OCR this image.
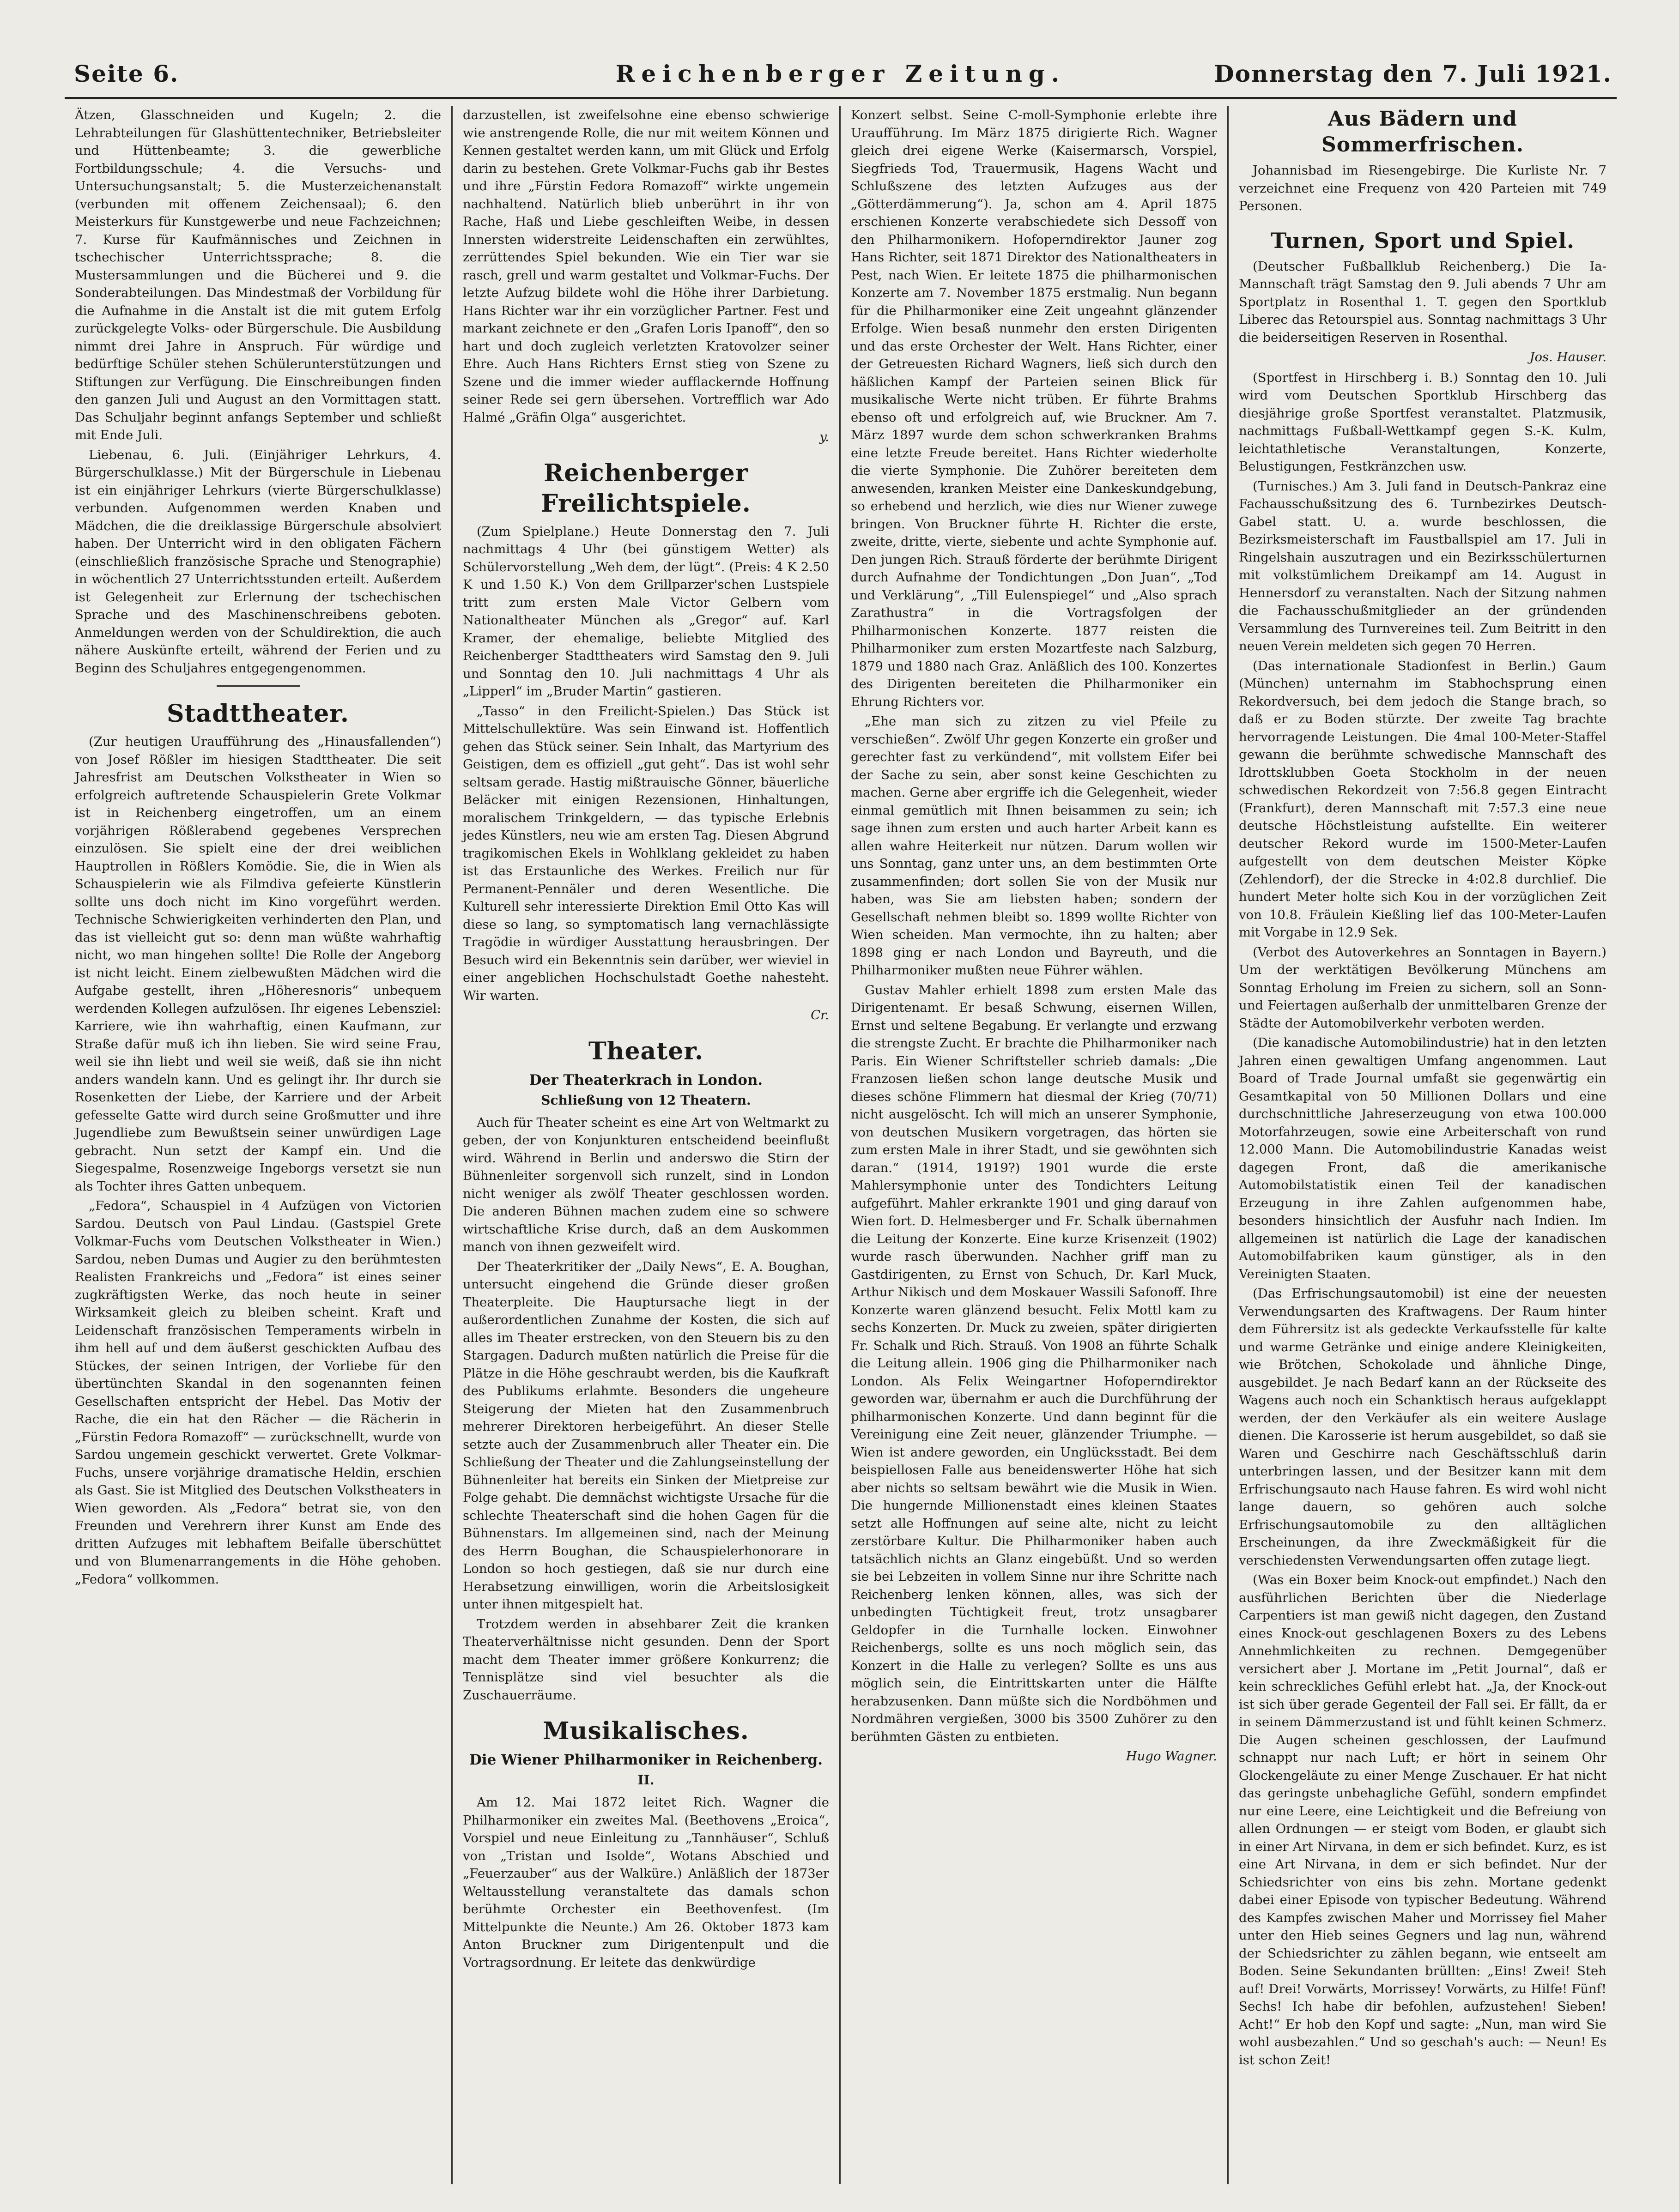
Seite 6.	Reichenberger Zeitung.	Donnerstag den 7. Juli 1921.

Ätzen, Glasschneiden und Kugeln; 2. die Lehrabteilungen für Glashüttentechniker, Betriebsleiter und Hüttenbeamte; 3. die gewerbliche Fortbildungsschule; 4. die Versuchs- und Untersuchungsanstalt; 5. die Musterzeichenanstalt (verbunden mit offenem Zeichensaal); 6. den Meisterkurs für Kunstgewerbe und neue Fachzeichnen; 7. Kurse für Kaufmännisches und Zeichnen in tschechischer Unterrichtssprache; 8. die Mustersammlungen und die Bücherei und 9. die Sonderabteilungen. Das Mindestmaß der Vorbildung für die Aufnahme in die Anstalt ist die mit gutem Erfolg zurückgelegte Volks- oder Bürgerschule. Die Ausbildung nimmt drei Jahre in Anspruch. Für würdige und bedürftige Schüler stehen Schülerunterstützungen und Stiftungen zur Verfügung. Die Einschreibungen finden den ganzen Juli und August an den Vormittagen statt. Das Schuljahr beginnt anfangs September und schließt mit Ende Juli.

Liebenau, 6. Juli. (Einjähriger Lehrkurs, 4. Bürgerschulklasse.) Mit der Bürgerschule in Liebenau ist ein einjähriger Lehrkurs (vierte Bürgerschulklasse) verbunden. Aufgenommen werden Knaben und Mädchen, die die dreiklassige Bürgerschule absolviert haben. Der Unterricht wird in den obligaten Fächern (einschließlich französische Sprache und Stenographie) in wöchentlich 27 Unterrichtsstunden erteilt. Außerdem ist Gelegenheit zur Erlernung der tschechischen Sprache und des Maschinenschreibens geboten. Anmeldungen werden von der Schuldirektion, die auch nähere Auskünfte erteilt, während der Ferien und zu Beginn des Schuljahres entgegengenommen.

Stadttheater.

(Zur heutigen Uraufführung des „Hinausfallenden“) von Josef Rößler im hiesigen Stadttheater. Die seit Jahresfrist am Deutschen Volkstheater in Wien so erfolgreich auftretende Schauspielerin Grete Volkmar ist in Reichenberg eingetroffen, um an einem vorjährigen Rößlerabend gegebenes Versprechen einzulösen. Sie spielt eine der drei weiblichen Hauptrollen in Rößlers Komödie. Sie, die in Wien als Schauspielerin wie als Filmdiva gefeierte Künstlerin sollte uns doch nicht im Kino vorgeführt werden. Technische Schwierigkeiten verhinderten den Plan, und das ist vielleicht gut so: denn man wüßte wahrhaftig nicht, wo man hingehen sollte! Die Rolle der Angeborg ist nicht leicht. Einem zielbewußten Mädchen wird die Aufgabe gestellt, ihren „Höheresnoris“ unbequem werdenden Kollegen aufzulösen. Ihr eigenes Lebensziel: Karriere, wie ihn wahrhaftig, einen Kaufmann, zur Straße dafür muß ich ihn lieben. Sie wird seine Frau, weil sie ihn liebt und weil sie weiß, daß sie ihn nicht anders wandeln kann. Und es gelingt ihr. Ihr durch sie Rosenketten der Liebe, der Karriere und der Arbeit gefesselte Gatte wird durch seine Großmutter und ihre Jugendliebe zum Bewußtsein seiner unwürdigen Lage gebracht. Nun setzt der Kampf ein. Und die Siegespalme, Rosenzweige Ingeborgs versetzt sie nun als Tochter ihres Gatten unbequem.

„Fedora“, Schauspiel in 4 Aufzügen von Victorien Sardou. Deutsch von Paul Lindau. (Gastspiel Grete Volkmar-Fuchs vom Deutschen Volkstheater in Wien.) Sardou, neben Dumas und Augier zu den berühmtesten Realisten Frankreichs und „Fedora“ ist eines seiner zugkräftigsten Werke, das noch heute in seiner Wirksamkeit gleich zu bleiben scheint. Kraft und Leidenschaft französischen Temperaments wirbeln in ihm hell auf und dem äußerst geschickten Aufbau des Stückes, der seinen Intrigen, der Vorliebe für den übertünchten Skandal in den sogenannten feinen Gesellschaften entspricht der Hebel. Das Motiv der Rache, die ein hat den Rächer — die Rächerin in „Fürstin Fedora Romazoff“ — zurückschnellt, wurde von Sardou ungemein geschickt verwertet. Grete Volkmar-Fuchs, unsere vorjährige dramatische Heldin, erschien als Gast. Sie ist Mitglied des Deutschen Volkstheaters in Wien geworden. Als „Fedora“ betrat sie, von den Freunden und Verehrern ihrer Kunst am Ende des dritten Aufzuges mit lebhaftem Beifalle überschüttet und von Blumenarrangements in die Höhe gehoben. „Fedora“ vollkommen.

darzustellen, ist zweifelsohne eine ebenso schwierige wie anstrengende Rolle, die nur mit weitem Können und Kennen gestaltet werden kann, um mit Glück und Erfolg darin zu bestehen. Grete Volkmar-Fuchs gab ihr Bestes und ihre „Fürstin Fedora Romazoff“ wirkte ungemein nachhaltend. Natürlich blieb unberührt in ihr von Rache, Haß und Liebe geschleiften Weibe, in dessen Innersten widerstreite Leidenschaften ein zerwühltes, zerrüttendes Spiel bekunden. Wie ein Tier war sie rasch, grell und warm gestaltet und Volkmar-Fuchs. Der letzte Aufzug bildete wohl die Höhe ihrer Darbietung. Hans Richter war ihr ein vorzüglicher Partner. Fest und markant zeichnete er den „Grafen Loris Ipanoff“, den so hart und doch zugleich verletzten Kratovolzer seiner Ehre. Auch Hans Richters Ernst stieg von Szene zu Szene und die immer wieder aufflackernde Hoffnung seiner Rede sei gern übersehen. Vortrefflich war Ado Halmé „Gräfin Olga“ ausgerichtet.

y.
Reichenberger Freilichtspiele.

(Zum Spielplane.) Heute Donnerstag den 7. Juli nachmittags 4 Uhr (bei günstigem Wetter) als Schülervorstellung „Weh dem, der lügt“. (Preis: 4 K 2.50 K und 1.50 K.) Von dem Grillparzer'schen Lustspiele tritt zum ersten Male Victor Gelbern vom Nationaltheater München als „Gregor“ auf. Karl Kramer, der ehemalige, beliebte Mitglied des Reichenberger Stadttheaters wird Samstag den 9. Juli und Sonntag den 10. Juli nachmittags 4 Uhr als „Lipperl“ im „Bruder Martin“ gastieren.

„Tasso“ in den Freilicht-Spielen.) Das Stück ist Mittelschullektüre. Was sein Einwand ist. Hoffentlich gehen das Stück seiner. Sein Inhalt, das Martyrium des Geistigen, dem es offiziell „gut geht“. Das ist wohl sehr seltsam gerade. Hastig mißtrauische Gönner, bäuerliche Beläcker mit einigen Rezensionen, Hinhaltungen, moralischem Trinkgeldern, — das typische Erlebnis jedes Künstlers, neu wie am ersten Tag. Diesen Abgrund tragikomischen Ekels in Wohlklang gekleidet zu haben ist das Erstaunliche des Werkes. Freilich nur für Permanent-Pennäler und deren Wesentliche. Die Kulturell sehr interessierte Direktion Emil Otto Kas will diese so lang, so symptomatisch lang vernachlässigte Tragödie in würdiger Ausstattung herausbringen. Der Besuch wird ein Bekenntnis sein darüber, wer wieviel in einer angeblichen Hochschulstadt Goethe nahesteht. Wir warten.

Cr.
Theater.
Der Theaterkrach in London.
Schließung von 12 Theatern.

Auch für Theater scheint es eine Art von Weltmarkt zu geben, der von Konjunkturen entscheidend beeinflußt wird. Während in Berlin und anderswo die Stirn der Bühnenleiter sorgenvoll sich runzelt, sind in London nicht weniger als zwölf Theater geschlossen worden. Die anderen Bühnen machen zudem eine so schwere wirtschaftliche Krise durch, daß an dem Auskommen manch von ihnen gezweifelt wird.

Der Theaterkritiker der „Daily News“, E. A. Boughan, untersucht eingehend die Gründe dieser großen Theaterpleite. Die Hauptursache liegt in der außerordentlichen Zunahme der Kosten, die sich auf alles im Theater erstrecken, von den Steuern bis zu den Stargagen. Dadurch mußten natürlich die Preise für die Plätze in die Höhe geschraubt werden, bis die Kaufkraft des Publikums erlahmte. Besonders die ungeheure Steigerung der Mieten hat den Zusammenbruch mehrerer Direktoren herbeigeführt. An dieser Stelle setzte auch der Zusammenbruch aller Theater ein. Die Schließung der Theater und die Zahlungseinstellung der Bühnenleiter hat bereits ein Sinken der Mietpreise zur Folge gehabt. Die demnächst wichtigste Ursache für die schlechte Theaterschaft sind die hohen Gagen für die Bühnenstars. Im allgemeinen sind, nach der Meinung des Herrn Boughan, die Schauspielerhonorare in London so hoch gestiegen, daß sie nur durch eine Herabsetzung einwilligen, worin die Arbeitslosigkeit unter ihnen mitgespielt hat.

Trotzdem werden in absehbarer Zeit die kranken Theaterverhältnisse nicht gesunden. Denn der Sport macht dem Theater immer größere Konkurrenz; die Tennisplätze sind viel besuchter als die Zuschauerräume.

Musikalisches.
Die Wiener Philharmoniker in Reichenberg.
II.

Am 12. Mai 1872 leitet Rich. Wagner die Philharmoniker ein zweites Mal. (Beethovens „Eroica“, Vorspiel und neue Einleitung zu „Tannhäuser“, Schluß von „Tristan und Isolde“, Wotans Abschied und „Feuerzauber“ aus der Walküre.) Anläßlich der 1873er Weltausstellung veranstaltete das damals schon berühmte Orchester ein Beethovenfest. (Im Mittelpunkte die Neunte.) Am 26. Oktober 1873 kam Anton Bruckner zum Dirigentenpult und die Vortragsordnung. Er leitete das denkwürdige

Konzert selbst. Seine C-moll-Symphonie erlebte ihre Uraufführung. Im März 1875 dirigierte Rich. Wagner gleich drei eigene Werke (Kaisermarsch, Vorspiel, Siegfrieds Tod, Trauermusik, Hagens Wacht und Schlußszene des letzten Aufzuges aus der „Götterdämmerung“). Ja, schon am 4. April 1875 erschienen Konzerte verabschiedete sich Dessoff von den Philharmonikern. Hofoperndirektor Jauner zog Hans Richter, seit 1871 Direktor des Nationaltheaters in Pest, nach Wien. Er leitete 1875 die philharmonischen Konzerte am 7. November 1875 erstmalig. Nun begann für die Philharmoniker eine Zeit ungeahnt glänzender Erfolge. Wien besaß nunmehr den ersten Dirigenten und das erste Orchester der Welt. Hans Richter, einer der Getreuesten Richard Wagners, ließ sich durch den häßlichen Kampf der Parteien seinen Blick für musikalische Werte nicht trüben. Er führte Brahms ebenso oft und erfolgreich auf, wie Bruckner. Am 7. März 1897 wurde dem schon schwerkranken Brahms eine letzte Freude bereitet. Hans Richter wiederholte die vierte Symphonie. Die Zuhörer bereiteten dem anwesenden, kranken Meister eine Dankeskundgebung, so erhebend und herzlich, wie dies nur Wiener zuwege bringen. Von Bruckner führte H. Richter die erste, zweite, dritte, vierte, siebente und achte Symphonie auf. Den jungen Rich. Strauß förderte der berühmte Dirigent durch Aufnahme der Tondichtungen „Don Juan“, „Tod und Verklärung“, „Till Eulenspiegel“ und „Also sprach Zarathustra“ in die Vortragsfolgen der Philharmonischen Konzerte. 1877 reisten die Philharmoniker zum ersten Mozartfeste nach Salzburg, 1879 und 1880 nach Graz. Anläßlich des 100. Konzertes des Dirigenten bereiteten die Philharmoniker ein Ehrung Richters vor.

„Ehe man sich zu zitzen zu viel Pfeile zu verschießen“. Zwölf Uhr gegen Konzerte ein großer und gerechter fast zu verkündend“, mit vollstem Eifer bei der Sache zu sein, aber sonst keine Geschichten zu machen. Gerne aber ergriffe ich die Gelegenheit, wieder einmal gemütlich mit Ihnen beisammen zu sein; ich sage ihnen zum ersten und auch harter Arbeit kann es allen wahre Heiterkeit nur nützen. Darum wollen wir uns Sonntag, ganz unter uns, an dem bestimmten Orte zusammenfinden; dort sollen Sie von der Musik nur haben, was Sie am liebsten haben; sondern der Gesellschaft nehmen bleibt so. 1899 wollte Richter von Wien scheiden. Man vermochte, ihn zu halten; aber 1898 ging er nach London und Bayreuth, und die Philharmoniker mußten neue Führer wählen.

Gustav Mahler erhielt 1898 zum ersten Male das Dirigentenamt. Er besaß Schwung, eisernen Willen, Ernst und seltene Begabung. Er verlangte und erzwang die strengste Zucht. Er brachte die Philharmoniker nach Paris. Ein Wiener Schriftsteller schrieb damals: „Die Franzosen ließen schon lange deutsche Musik und dieses schöne Flimmern hat diesmal der Krieg (70/71) nicht ausgelöscht. Ich will mich an unserer Symphonie, von deutschen Musikern vorgetragen, das hörten sie zum ersten Male in ihrer Stadt, und sie gewöhnten sich daran.“ (1914, 1919?) 1901 wurde die erste Mahlersymphonie unter des Tondichters Leitung aufgeführt. Mahler erkrankte 1901 und ging darauf von Wien fort. D. Helmesberger und Fr. Schalk übernahmen die Leitung der Konzerte. Eine kurze Krisenzeit (1902) wurde rasch überwunden. Nachher griff man zu Gastdirigenten, zu Ernst von Schuch, Dr. Karl Muck, Arthur Nikisch und dem Moskauer Wassili Safonoff. Ihre Konzerte waren glänzend besucht. Felix Mottl kam zu sechs Konzerten. Dr. Muck zu zweien, später dirigierten Fr. Schalk und Rich. Strauß. Von 1908 an führte Schalk die Leitung allein. 1906 ging die Philharmoniker nach London. Als Felix Weingartner Hofoperndirektor geworden war, übernahm er auch die Durchführung der philharmonischen Konzerte. Und dann beginnt für die Vereinigung eine Zeit neuer, glänzender Triumphe. — Wien ist andere geworden, ein Unglücksstadt. Bei dem beispiellosen Falle aus beneidenswerter Höhe hat sich aber nichts so seltsam bewährt wie die Musik in Wien. Die hungernde Millionenstadt eines kleinen Staates setzt alle Hoffnungen auf seine alte, nicht zu leicht zerstörbare Kultur. Die Philharmoniker haben auch tatsächlich nichts an Glanz eingebüßt. Und so werden sie bei Lebzeiten in vollem Sinne nur ihre Schritte nach Reichenberg lenken können, alles, was sich der unbedingten Tüchtigkeit freut, trotz unsagbarer Geldopfer in die Turnhalle locken. Einwohner Reichenbergs, sollte es uns noch möglich sein, das Konzert in die Halle zu verlegen? Sollte es uns aus möglich sein, die Eintrittskarten unter die Hälfte herabzusenken. Dann müßte sich die Nordböhmen und Nordmähren vergießen, 3000 bis 3500 Zuhörer zu den berühmten Gästen zu entbieten.

Hugo Wagner.
Aus Bädern und Sommerfrischen.

Johannisbad im Riesengebirge. Die Kurliste Nr. 7 verzeichnet eine Frequenz von 420 Parteien mit 749 Personen.

Turnen, Sport und Spiel.

(Deutscher Fußballklub Reichenberg.) Die Ia-Mannschaft trägt Samstag den 9. Juli abends 7 Uhr am Sportplatz in Rosenthal 1. T. gegen den Sportklub Liberec das Retourspiel aus. Sonntag nachmittags 3 Uhr die beiderseitigen Reserven in Rosenthal.

Jos. Hauser.

(Sportfest in Hirschberg i. B.) Sonntag den 10. Juli wird vom Deutschen Sportklub Hirschberg das diesjährige große Sportfest veranstaltet. Platzmusik, nachmittags Fußball-Wettkampf gegen S.-K. Kulm, leichtathletische Veranstaltungen, Konzerte, Belustigungen, Festkränzchen usw.

(Turnisches.) Am 3. Juli fand in Deutsch-Pankraz eine Fachausschußsitzung des 6. Turnbezirkes Deutsch-Gabel statt. U. a. wurde beschlossen, die Bezirksmeisterschaft im Faustballspiel am 17. Juli in Ringelshain auszutragen und ein Bezirksschülerturnen mit volkstümlichem Dreikampf am 14. August in Hennersdorf zu veranstalten. Nach der Sitzung nahmen die Fachausschußmitglieder an der gründenden Versammlung des Turnvereines teil. Zum Beitritt in den neuen Verein meldeten sich gegen 70 Herren.

(Das internationale Stadionfest in Berlin.) Gaum (München) unternahm im Stabhochsprung einen Rekordversuch, bei dem jedoch die Stange brach, so daß er zu Boden stürzte. Der zweite Tag brachte hervorragende Leistungen. Die 4mal 100-Meter-Staffel gewann die berühmte schwedische Mannschaft des Idrottsklubben Goeta Stockholm in der neuen schwedischen Rekordzeit von 7:56.8 gegen Eintracht (Frankfurt), deren Mannschaft mit 7:57.3 eine neue deutsche Höchstleistung aufstellte. Ein weiterer deutscher Rekord wurde im 1500-Meter-Laufen aufgestellt von dem deutschen Meister Köpke (Zehlendorf), der die Strecke in 4:02.8 durchlief. Die hundert Meter holte sich Kou in der vorzüglichen Zeit von 10.8. Fräulein Kießling lief das 100-Meter-Laufen mit Vorgabe in 12.9 Sek.

(Verbot des Autoverkehres an Sonntagen in Bayern.) Um der werktätigen Bevölkerung Münchens am Sonntag Erholung im Freien zu sichern, soll an Sonn- und Feiertagen außerhalb der unmittelbaren Grenze der Städte der Automobilverkehr verboten werden.

(Die kanadische Automobilindustrie) hat in den letzten Jahren einen gewaltigen Umfang angenommen. Laut Board of Trade Journal umfaßt sie gegenwärtig ein Gesamtkapital von 50 Millionen Dollars und eine durchschnittliche Jahreserzeugung von etwa 100.000 Motorfahrzeugen, sowie eine Arbeiterschaft von rund 12.000 Mann. Die Automobilindustrie Kanadas weist dagegen Front, daß die amerikanische Automobilstatistik einen Teil der kanadischen Erzeugung in ihre Zahlen aufgenommen habe, besonders hinsichtlich der Ausfuhr nach Indien. Im allgemeinen ist natürlich die Lage der kanadischen Automobilfabriken kaum günstiger, als in den Vereinigten Staaten.

(Das Erfrischungsautomobil) ist eine der neuesten Verwendungsarten des Kraftwagens. Der Raum hinter dem Führersitz ist als gedeckte Verkaufsstelle für kalte und warme Getränke und einige andere Kleinigkeiten, wie Brötchen, Schokolade und ähnliche Dinge, ausgebildet. Je nach Bedarf kann an der Rückseite des Wagens auch noch ein Schanktisch heraus aufgeklappt werden, der den Verkäufer als ein weitere Auslage dienen. Die Karosserie ist herum ausgebildet, so daß sie Waren und Geschirre nach Geschäftsschluß darin unterbringen lassen, und der Besitzer kann mit dem Erfrischungsauto nach Hause fahren. Es wird wohl nicht lange dauern, so gehören auch solche Erfrischungsautomobile zu den alltäglichen Erscheinungen, da ihre Zweckmäßigkeit für die verschiedensten Verwendungsarten offen zutage liegt.

(Was ein Boxer beim Knock-out empfindet.) Nach den ausführlichen Berichten über die Niederlage Carpentiers ist man gewiß nicht dagegen, den Zustand eines Knock-out geschlagenen Boxers zu des Lebens Annehmlichkeiten zu rechnen. Demgegenüber versichert aber J. Mortane im „Petit Journal“, daß er kein schreckliches Gefühl erlebt hat. „Ja, der Knock-out ist sich über gerade Gegenteil der Fall sei. Er fällt, da er in seinem Dämmerzustand ist und fühlt keinen Schmerz. Die Augen scheinen geschlossen, der Laufmund schnappt nur nach Luft; er hört in seinem Ohr Glockengeläute zu einer Menge Zuschauer. Er hat nicht das geringste unbehagliche Gefühl, sondern empfindet nur eine Leere, eine Leichtigkeit und die Befreiung von allen Ordnungen — er steigt vom Boden, er glaubt sich in einer Art Nirvana, in dem er sich befindet. Kurz, es ist eine Art Nirvana, in dem er sich befindet. Nur der Schiedsrichter von eins bis zehn. Mortane gedenkt dabei einer Episode von typischer Bedeutung. Während des Kampfes zwischen Maher und Morrissey fiel Maher unter den Hieb seines Gegners und lag nun, während der Schiedsrichter zu zählen begann, wie entseelt am Boden. Seine Sekundanten brüllten: „Eins! Zwei! Steh auf! Drei! Vorwärts, Morrissey! Vorwärts, zu Hilfe! Fünf! Sechs! Ich habe dir befohlen, aufzustehen! Sieben! Acht!“ Er hob den Kopf und sagte: „Nun, man wird Sie wohl ausbezahlen.“ Und so geschah's auch: — Neun! Es ist schon Zeit!
